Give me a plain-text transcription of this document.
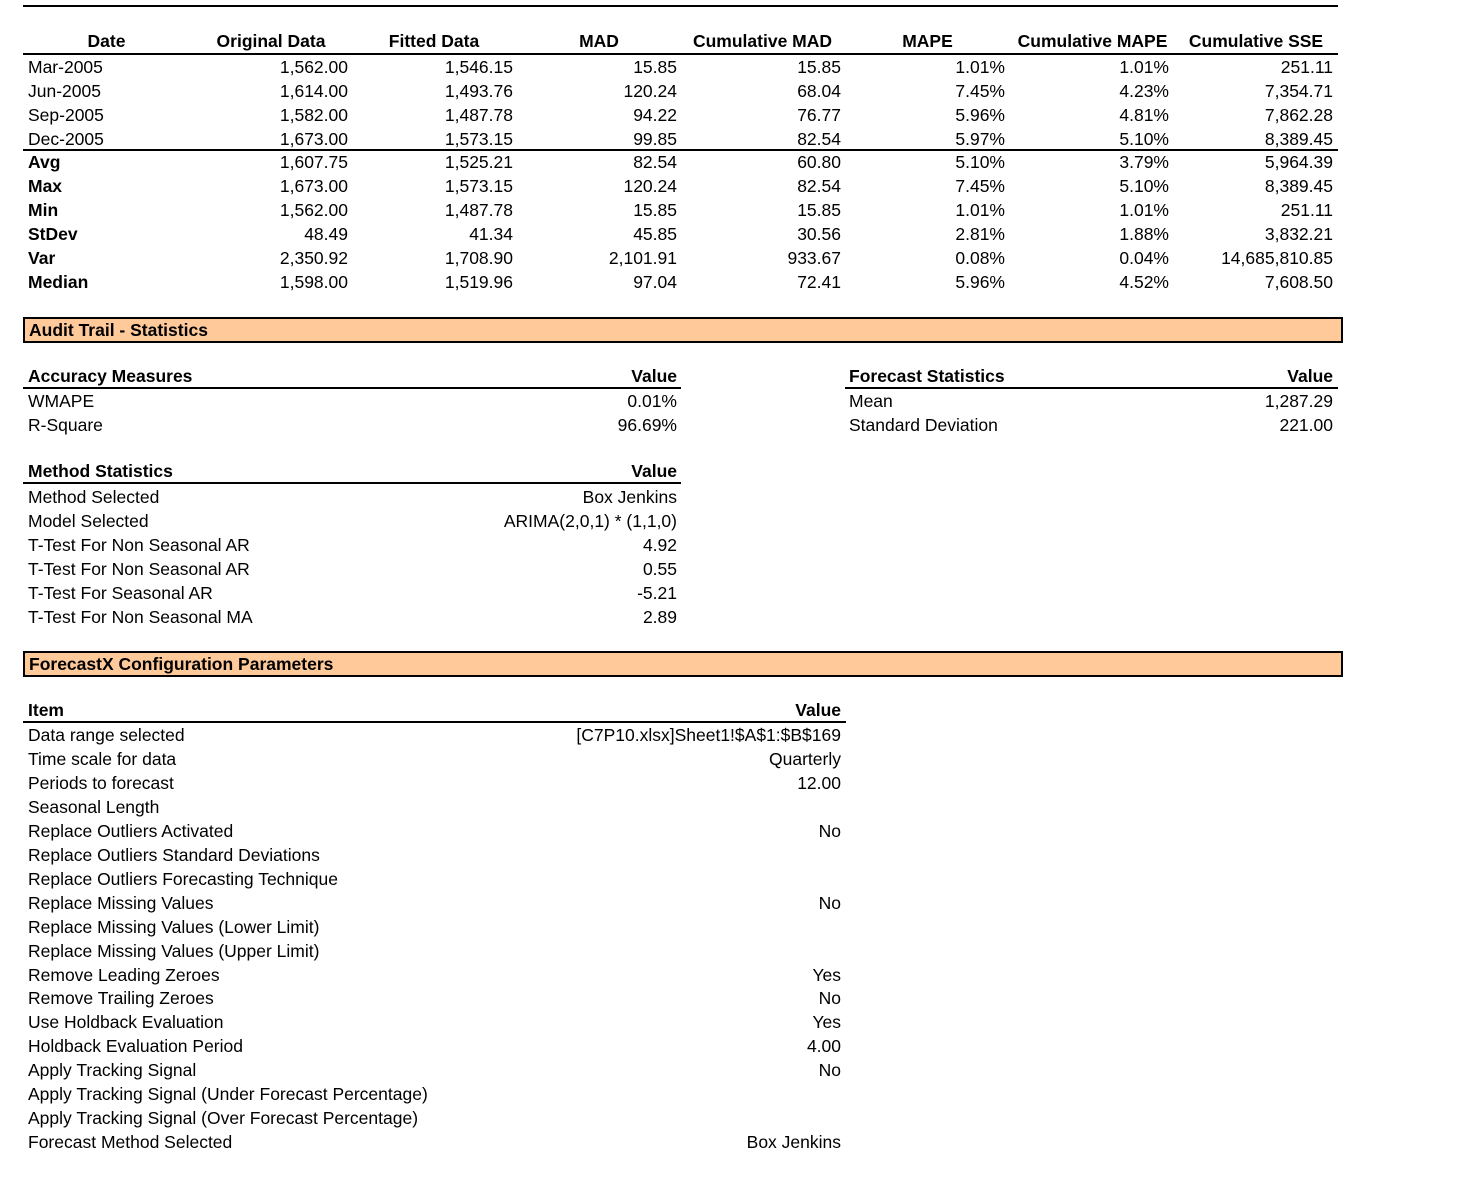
Date	Original Data	Fitted Data	MAD	Cumulative MAD	MAPE	Cumulative MAPE	Cumulative SSE
Mar-2005	1,562.00	1,546.15	15.85	15.85	1.01%	1.01%	251.11
Jun-2005	1,614.00	1,493.76	120.24	68.04	7.45%	4.23%	7,354.71
Sep-2005	1,582.00	1,487.78	94.22	76.77	5.96%	4.81%	7,862.28
Dec-2005	1,673.00	1,573.15	99.85	82.54	5.97%	5.10%	8,389.45
Avg	1,607.75	1,525.21	82.54	60.80	5.10%	3.79%	5,964.39
Max	1,673.00	1,573.15	120.24	82.54	7.45%	5.10%	8,389.45
Min	1,562.00	1,487.78	15.85	15.85	1.01%	1.01%	251.11
StDev	48.49	41.34	45.85	30.56	2.81%	1.88%	3,832.21
Var	2,350.92	1,708.90	2,101.91	933.67	0.08%	0.04%	14,685,810.85
Median	1,598.00	1,519.96	97.04	72.41	5.96%	4.52%	7,608.50
Audit Trail - Statistics
Accuracy Measures	Value
WMAPE	0.01%
R-Square	96.69%
Forecast Statistics	Value
Mean	1,287.29
Standard Deviation	221.00
Method Statistics	Value
Method Selected	Box Jenkins
Model Selected	ARIMA(2,0,1) * (1,1,0)
T-Test For Non Seasonal AR	4.92
T-Test For Non Seasonal AR	0.55
T-Test For Seasonal AR	-5.21
T-Test For Non Seasonal MA	2.89
ForecastX Configuration Parameters
Item	Value
Data range selected	[C7P10.xlsx]Sheet1!$A$1:$B$169
Time scale for data	Quarterly
Periods to forecast	12.00
Seasonal Length
Replace Outliers Activated	No
Replace Outliers Standard Deviations
Replace Outliers Forecasting Technique
Replace Missing Values	No
Replace Missing Values (Lower Limit)
Replace Missing Values (Upper Limit)
Remove Leading Zeroes	Yes
Remove Trailing Zeroes	No
Use Holdback Evaluation	Yes
Holdback Evaluation Period	4.00
Apply Tracking Signal	No
Apply Tracking Signal (Under Forecast Percentage)
Apply Tracking Signal (Over Forecast Percentage)
Forecast Method Selected	Box Jenkins
